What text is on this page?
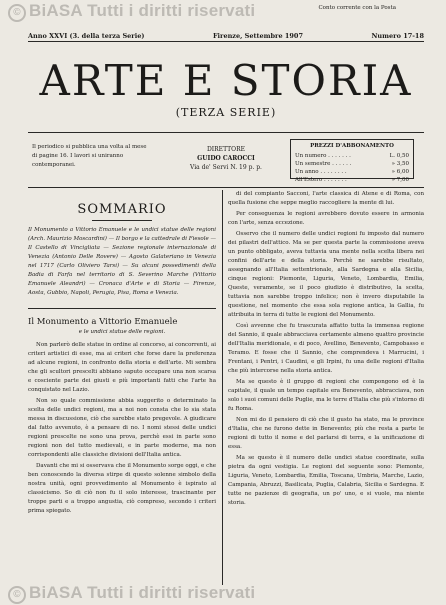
© BiASA Tutti i diritti riservati	Conto corrente con la Posta
Anno XXVI (3. della terza Serie)	Firenze, Settembre 1907	Numero 17-18
ARTE E STORIA
(TERZA SERIE)
Il periodico si pubblica una volta al mese di pagine 16. I lavori si uniranno contemporanei.
DIRETTORE
GUIDO CAROCCI
Via de' Servi N. 19 p. p.
PREZZI D'ABBONAMENTO
Un numero . . . . . . .	L. 0,50
Un semestre . . . . . .	» 3,50
Un anno . . . . . . . .	» 6,00
All'Estero . . . . . . .	» 7,00
SOMMARIO
Il Monumento a Vittorio Emanuele e le undici statue delle regioni (Arch. Maurizio Moscardini) — Il borgo e la cattedrale di Fiesole — Il Castello di Vincigliata — Sezione regionale internazionale di Venezia (Antonio Delle Rovere) — Agosto Galateriano in Venezia nel 1717 (Carlo Oliviero Tarsi) — Su alcuni possedimenti della Badia di Farfa nel territorio di S. Severino Marche (Vittorio Emanuele Aleandri) — Cronaca d'Arte e di Storia — Firenze, Aosta, Gubbio, Napoli, Perugia, Pisa, Roma e Venezia.
Il Monumento a Vittorio Emanuele
e le undici statue delle regioni.

Non parlerò delle statue in ordine al concorso, ai concorrenti, ai criteri artistici di esse, ma ai criteri che forse dare la preferenza ad alcune regioni, in confronto della storia e dell'arte. Mi sembra che gli scultori prescelti abbiano saputo occupare una non scarsa e cosciente parte dei giusti e più importanti fatti che l'arte ha conquistato nel Lazio.

Non so quale commissione abbia suggerito o determinato la scelta delle undici regioni, ma a noi non consta che lo sia stata messa in discussione, ciò che sarebbe stato pregevole. A giudicare dal fatto avvenuto, è a pensare di no. I nomi stessi delle undici regioni prescelte ne sono una prova, perchè essi in parte sono regioni non del tutto medievali, e in parte moderne, ma non corrispondenti alle classiche divisioni dell'Italia antica.

Davanti che mi si osservava che il Monumento sorge oggi, e che ben conoscendo la diversa stirpe di questo solenne simbolo della nostra unità, ogni provvedimento al Monumento è ispirato al classicismo. So di ciò non fu il solo interesse, trascinante per troppe parti e a troppo angustia, ciò compreso, secondo i criteri prima spiegato.

di del compianto Sacconi, l'arte classica di Atene e di Roma, con quella fusione che seppe meglio raccogliere la mente di lui.

Per conseguenza le regioni avrebbero dovuto essere in armonia con l'arte, senza eccezione.

Osservo che il numero delle undici regioni fu imposto dal numero dei pilastri dell'attico. Ma se per questa parte la commissione aveva un punto obbligato, aveva tuttavia una mente nella scelta libera nei confini dell'arte e della storia. Perchè ne sarebbe risultato, assegnando all'Italia settentrionale, alla Sardegna e alla Sicilia, cinque regioni: Piemonte, Liguria, Veneto, Lombardia, Emilia, Queste, veramente, se il poco giudizio è distributivo, la scelta, tuttavia non sarebbe troppo infelice; non è invero disputabile la questione, nel momento che essa sola regione antica, la Gallia, fu attribuita in terra di tutte le regioni del Monumento.

Così avvenne che fu trascurata affatto tutta la immensa regione del Sannio, il quale abbracciava certamente almeno quattro provincie dell'Italia meridionale, e di poco, Avellino, Benevento, Campobasso e Teramo. E fosse che il Sannio, che comprendeva i Marrucini, i Frentani, i Pentri, i Caudini, e gli Irpini, fu una delle regioni d'Italia che più intercorse nella storia antica.

Ma se questo è il gruppo di regioni che compongono ed è la capitale, il quale un tempo capitale era Benevento, abbracciava, non solo i suoi comuni delle Puglie, ma le terre d'Italia che più s'intorno di fu Roma.

Non mi do il pensiero di ciò che il gusto ha stato, ma le province d'Italia, che ne furono dette in Benevento; più che resta a parte le regioni di tutto il nome e del parlarsi di terra, e la unificazione di essa.

Ma se questo è il numero delle undici statue coordinate, sulla pietra da ogni vestigia. Le regioni del seguente sono: Piemonte, Liguria, Veneto, Lombardia, Emilia, Toscana, Umbria, Marche, Lazio, Campania, Abruzzi, Basilicata, Puglia, Calabria, Sicilia e Sardegna. E tutte ne pazienze di geografia, un po' uno, e si vuole, ma niente storia.

© BiASA Tutti i diritti riservati
